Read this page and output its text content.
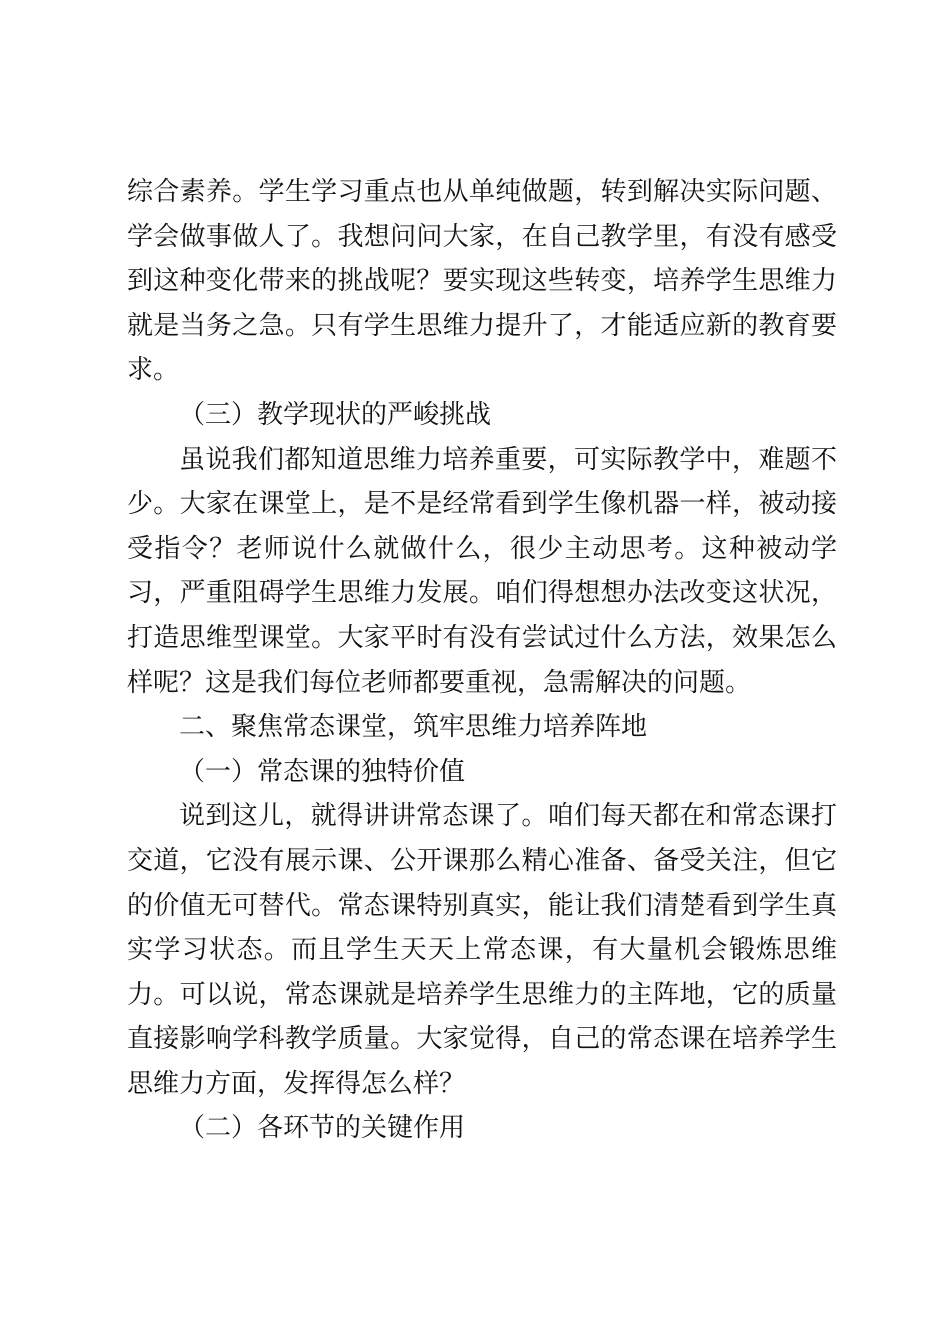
综合素养。学生学习重点也从单纯做题，转到解决实际问题、学会做事做人了。我想问问大家，在自己教学里，有没有感受到这种变化带来的挑战呢？要实现这些转变，培养学生思维力就是当务之急。只有学生思维力提升了，才能适应新的教育要求。

（三）教学现状的严峻挑战

虽说我们都知道思维力培养重要，可实际教学中，难题不少。大家在课堂上，是不是经常看到学生像机器一样，被动接受指令？老师说什么就做什么，很少主动思考。这种被动学习，严重阻碍学生思维力发展。咱们得想想办法改变这状况，打造思维型课堂。大家平时有没有尝试过什么方法，效果怎么样呢？这是我们每位老师都要重视，急需解决的问题。

二、聚焦常态课堂，筑牢思维力培养阵地

（一）常态课的独特价值

说到这儿，就得讲讲常态课了。咱们每天都在和常态课打交道，它没有展示课、公开课那么精心准备、备受关注，但它的价值无可替代。常态课特别真实，能让我们清楚看到学生真实学习状态。而且学生天天上常态课，有大量机会锻炼思维力。可以说，常态课就是培养学生思维力的主阵地，它的质量直接影响学科教学质量。大家觉得，自己的常态课在培养学生思维力方面，发挥得怎么样？

（二）各环节的关键作用
